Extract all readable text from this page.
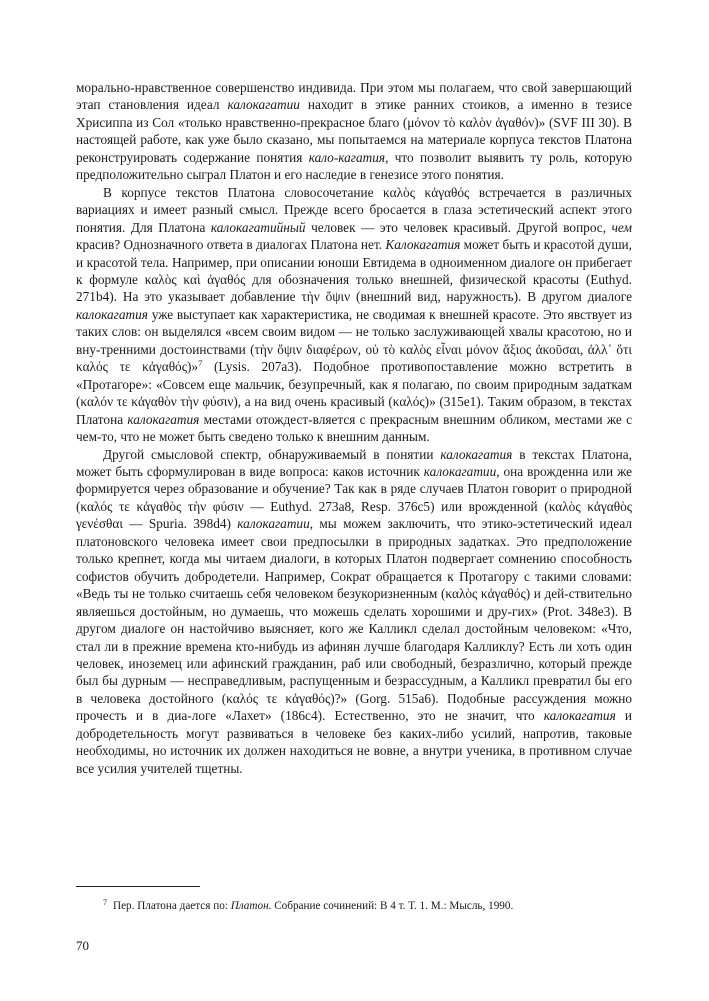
морально-нравственное совершенство индивида. При этом мы полагаем, что свой завершающий этап становления идеал калокагатии находит в этике ранних стоиков, а именно в тезисе Хрисиппа из Сол «только нравственно-прекрасное благо (μόνον τὸ καλὸν ἀγαθόν)» (SVF III 30). В настоящей работе, как уже было сказано, мы попытаемся на материале корпуса текстов Платона реконструировать содержание понятия кало-кагатия, что позволит выявить ту роль, которую предположительно сыграл Платон и его наследие в генезисе этого понятия.

В корпусе текстов Платона словосочетание καλὸς κἀγαθός встречается в различных вариациях и имеет разный смысл. Прежде всего бросается в глаза эстетический аспект этого понятия. Для Платона калокагатийный человек — это человек красивый. Другой вопрос, чем красив? Однозначного ответа в диалогах Платона нет. Калокагатия может быть и красотой души, и красотой тела. Например, при описании юноши Евтидема в одноименном диалоге он прибегает к формуле καλὸς καὶ ἀγαθός для обозначения только внешней, физической красоты (Euthyd. 271b4). На это указывает добавление τὴν ὄψιν (внешний вид, наружность). В другом диалоге калокагатия уже выступает как характеристика, не сводимая к внешней красоте. Это явствует из таких слов: он выделялся «всем своим видом — не только заслуживающей хвалы красотою, но и вну-тренними достоинствами (τὴν ὄψιν διαφέρων, οὐ τὸ καλὸς εἶναι μόνον ἄξιος ἀκοῦσαι, ἀλλ᾽ ὅτι καλός τε κἀγαθός)»$^7$ (Lysis. 207a3). Подобное противопоставление можно встретить в «Протагоре»: «Совсем еще мальчик, безупречный, как я полагаю, по своим природным задаткам (καλόν τε κἀγαθὸν τὴν φύσιν), а на вид очень красивый (καλός)» (315e1). Таким образом, в текстах Платона калокагатия местами отождест-вляется с прекрасным внешним обликом, местами же с чем-то, что не может быть сведено только к внешним данным.

Другой смысловой спектр, обнаруживаемый в понятии калокагатия в текстах Платона, может быть сформулирован в виде вопроса: каков источник калокагатии, она врожденна или же формируется через образование и обучение? Так как в ряде случаев Платон говорит о природной (καλός τε κἀγαθὸς τὴν φύσιν — Euthyd. 273a8, Resp. 376c5) или врожденной (καλὸς κἀγαθὸς γενέσθαι — Spuria. 398d4) калокагатии, мы можем заключить, что этико-эстетический идеал платоновского человека имеет свои предпосылки в природных задатках. Это предположение только крепнет, когда мы читаем диалоги, в которых Платон подвергает сомнению способность софистов обучить добродетели. Например, Сократ обращается к Протагору с такими словами: «Ведь ты не только считаешь себя человеком безукоризненным (καλὸς κἀγαθός) и дей-ствительно являешься достойным, но думаешь, что можешь сделать хорошими и дру-гих» (Prot. 348e3). В другом диалоге он настойчиво выясняет, кого же Калликл сделал достойным человеком: «Что, стал ли в прежние времена кто-нибудь из афинян лучше благодаря Калликлу? Есть ли хоть один человек, иноземец или афинский гражданин, раб или свободный, безразлично, который прежде был бы дурным — несправедливым, распущенным и безрассудным, а Калликл превратил бы его в человека достойного (καλός τε κἀγαθός)?» (Gorg. 515a6). Подобные рассуждения можно прочесть и в диа-логе «Лахет» (186c4). Естественно, это не значит, что калокагатия и добродетельность могут развиваться в человеке без каких-либо усилий, напротив, таковые необходимы, но источник их должен находиться не вовне, а внутри ученика, в противном случае все усилия учителей тщетны.

$^7$ Пер. Платона дается по: Платон. Собрание сочинений: В 4 т. Т. 1. М.: Мысль, 1990.
70
